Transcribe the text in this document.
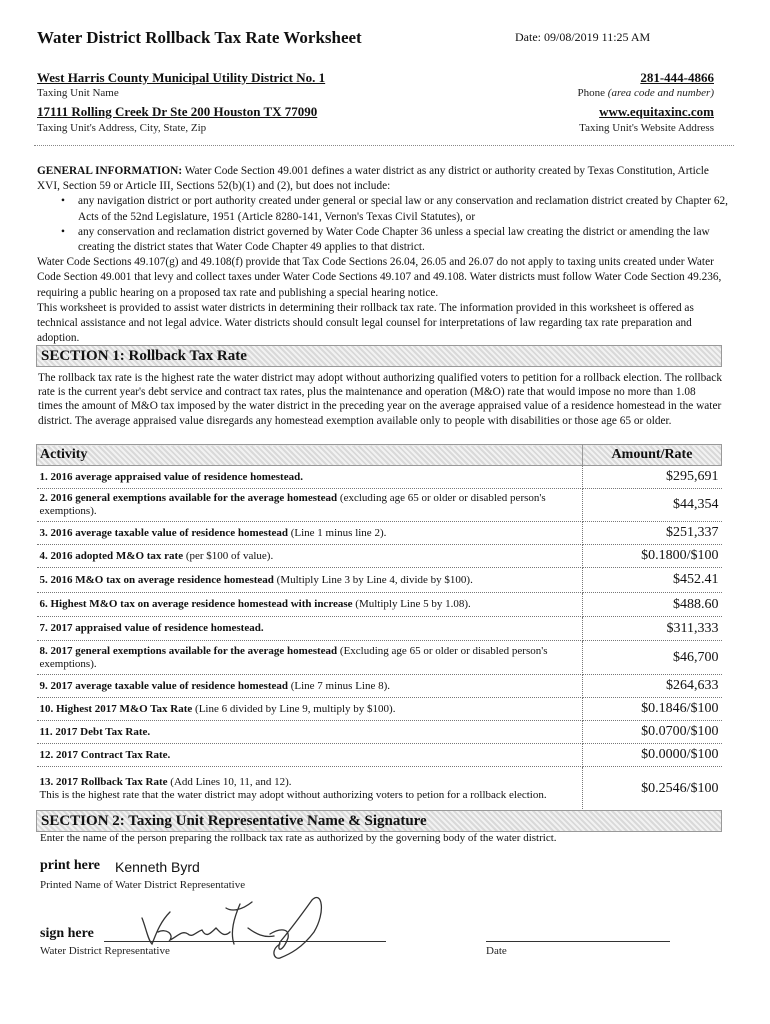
Water District Rollback Tax Rate Worksheet	Date: 09/08/2019 11:25 AM
West Harris County Municipal Utility District No. 1
Taxing Unit Name
281-444-4866
Phone (area code and number)
17111 Rolling Creek Dr Ste 200 Houston TX 77090
Taxing Unit's Address, City, State, Zip
www.equitaxinc.com
Taxing Unit's Website Address

GENERAL INFORMATION: Water Code Section 49.001 defines a water district as any district or authority created by Texas Constitution, Article XVI, Section 59 or Article III, Sections 52(b)(1) and (2), but does not include:

• any navigation district or port authority created under general or special law or any conservation and reclamation district created by Chapter 62, Acts of the 52nd Legislature, 1951 (Article 8280-141, Vernon's Texas Civil Statutes), or
• any conservation and reclamation district governed by Water Code Chapter 36 unless a special law creating the district or amending the law creating the district states that Water Code Chapter 49 applies to that district.

Water Code Sections 49.107(g) and 49.108(f) provide that Tax Code Sections 26.04, 26.05 and 26.07 do not apply to taxing units created under Water Code Section 49.001 that levy and collect taxes under Water Code Sections 49.107 and 49.108. Water districts must follow Water Code Section 49.236, requiring a public hearing on a proposed tax rate and publishing a special hearing notice.

This worksheet is provided to assist water districts in determining their rollback tax rate. The information provided in this worksheet is offered as technical assistance and not legal advice. Water districts should consult legal counsel for interpretations of law regarding tax rate preparation and adoption.

SECTION 1: Rollback Tax Rate
The rollback tax rate is the highest rate the water district may adopt without authorizing qualified voters to petition for a rollback election. The rollback rate is the current year's debt service and contract tax rates, plus the maintenance and operation (M&O) rate that would impose no more than 1.08 times the amount of M&O tax imposed by the water district in the preceding year on the average appraised value of a residence homestead in the water district. The average appraised value disregards any homestead exemption available only to people with disabilities or those age 65 or older.
Activity	Amount/Rate
1. 2016 average appraised value of residence homestead.	$295,691
2. 2016 general exemptions available for the average homestead (excluding age 65 or older or disabled person's exemptions).	$44,354
3. 2016 average taxable value of residence homestead (Line 1 minus line 2).	$251,337
4. 2016 adopted M&O tax rate (per $100 of value).	$0.1800/$100
5. 2016 M&O tax on average residence homestead (Multiply Line 3 by Line 4, divide by $100).	$452.41
6. Highest M&O tax on average residence homestead with increase (Multiply Line 5 by 1.08).	$488.60
7. 2017 appraised value of residence homestead.	$311,333
8. 2017 general exemptions available for the average homestead (Excluding age 65 or older or disabled person's exemptions).	$46,700
9. 2017 average taxable value of residence homestead (Line 7 minus Line 8).	$264,633
10. Highest 2017 M&O Tax Rate (Line 6 divided by Line 9, multiply by $100).	$0.1846/$100
11. 2017 Debt Tax Rate.	$0.0700/$100
12. 2017 Contract Tax Rate.	$0.0000/$100
13. 2017 Rollback Tax Rate (Add Lines 10, 11, and 12).
This is the highest rate that the water district may adopt without authorizing voters to petion for a rollback election.	$0.2546/$100
SECTION 2: Taxing Unit Representative Name & Signature
Enter the name of the person preparing the rollback tax rate as authorized by the governing body of the water district.
print here Kenneth Byrd
Printed Name of Water District Representative
sign here
Water District Representative	Date
